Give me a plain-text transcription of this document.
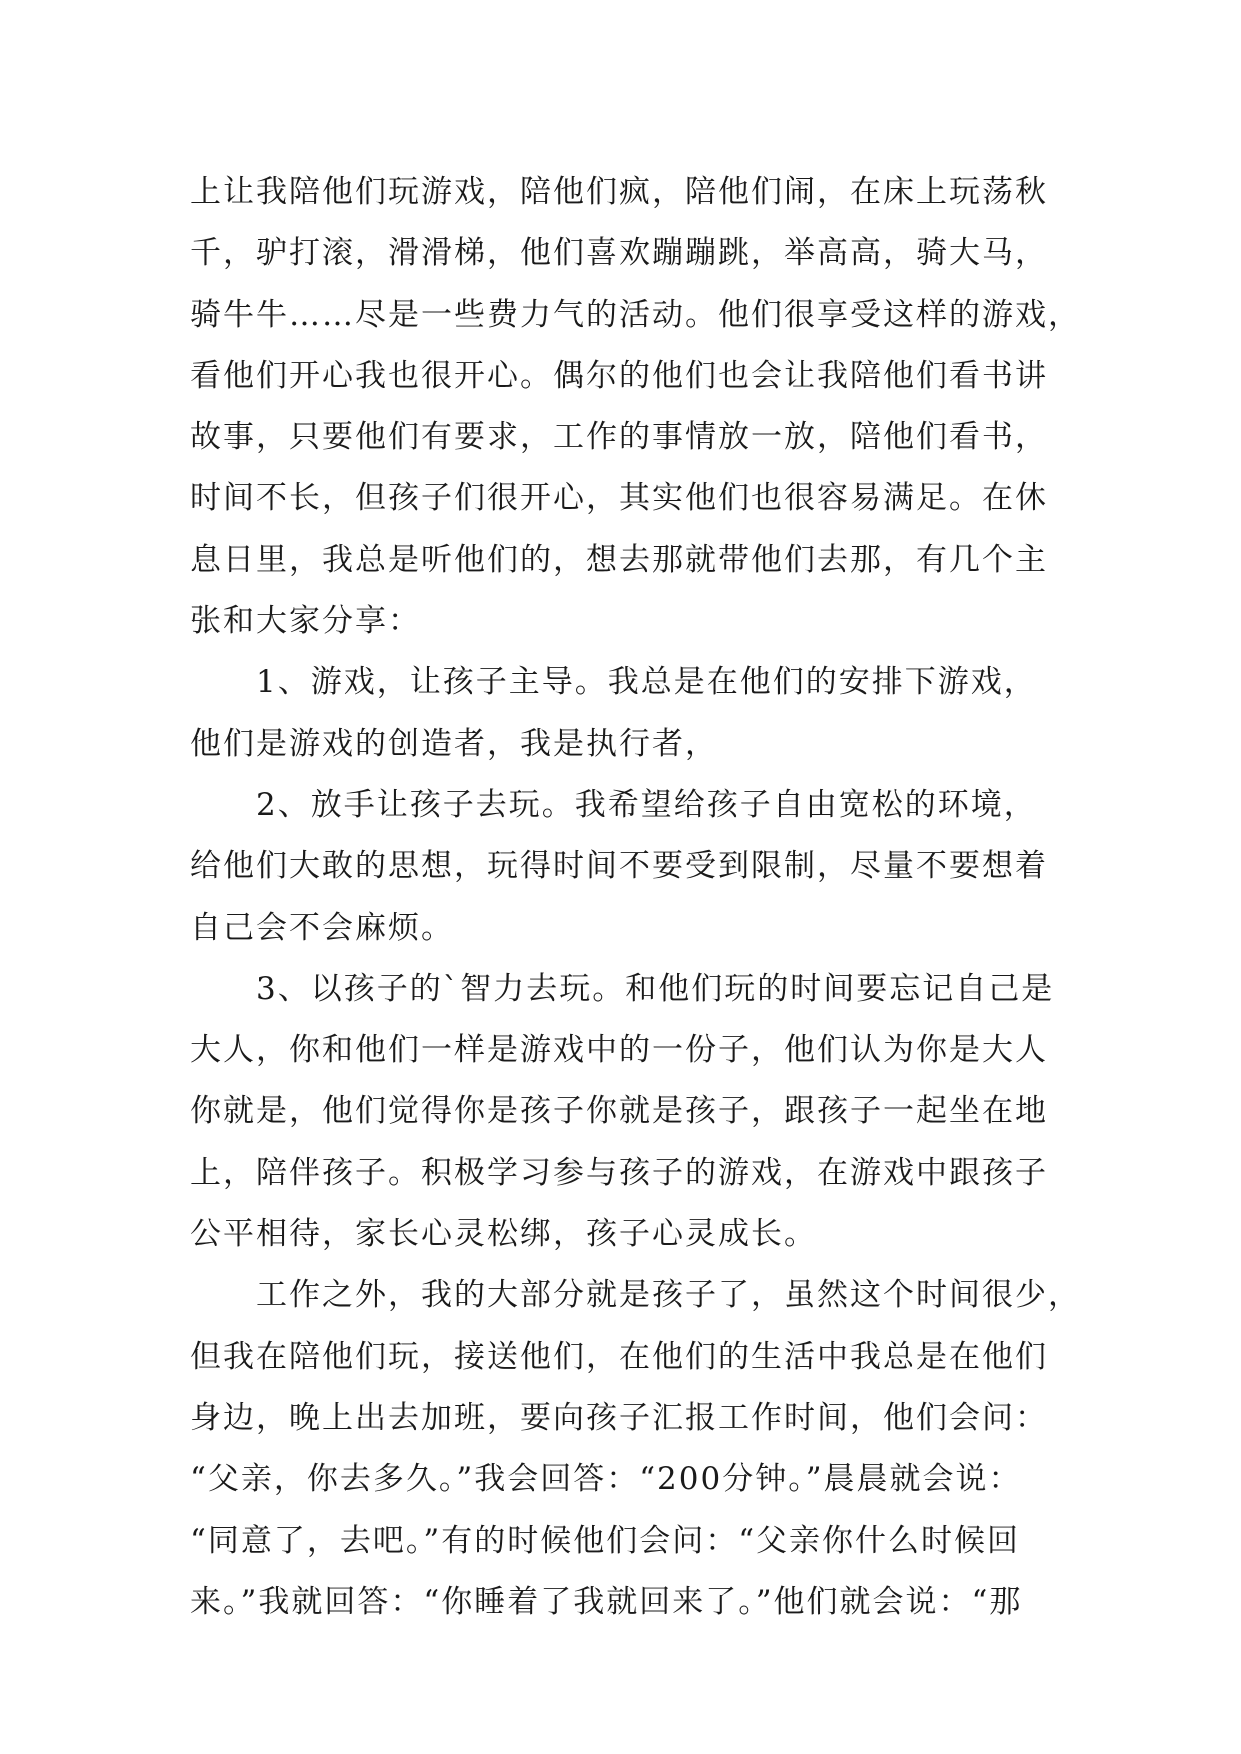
上让我陪他们玩游戏，陪他们疯，陪他们闹，在床上玩荡秋

千，驴打滚，滑滑梯，他们喜欢蹦蹦跳，举高高，骑大马，

骑牛牛……尽是一些费力气的活动。他们很享受这样的游戏，

看他们开心我也很开心。偶尔的他们也会让我陪他们看书讲

故事，只要他们有要求，工作的事情放一放，陪他们看书，

时间不长，但孩子们很开心，其实他们也很容易满足。在休

息日里，我总是听他们的，想去那就带他们去那，有几个主

张和大家分享：

1、游戏，让孩子主导。我总是在他们的安排下游戏，

他们是游戏的创造者，我是执行者，

2、放手让孩子去玩。我希望给孩子自由宽松的环境，

给他们大敢的思想，玩得时间不要受到限制，尽量不要想着

自己会不会麻烦。

3、以孩子的`智力去玩。和他们玩的时间要忘记自己是

大人，你和他们一样是游戏中的一份子，他们认为你是大人

你就是，他们觉得你是孩子你就是孩子，跟孩子一起坐在地

上，陪伴孩子。积极学习参与孩子的游戏，在游戏中跟孩子

公平相待，家长心灵松绑，孩子心灵成长。

工作之外，我的大部分就是孩子了，虽然这个时间很少，

但我在陪他们玩，接送他们，在他们的生活中我总是在他们

身边，晚上出去加班，要向孩子汇报工作时间，他们会问：

“父亲，你去多久。”我会回答：“200分钟。”晨晨就会说：

“同意了，去吧。”有的时候他们会问：“父亲你什么时候回

来。”我就回答：“你睡着了我就回来了。”他们就会说：“那
